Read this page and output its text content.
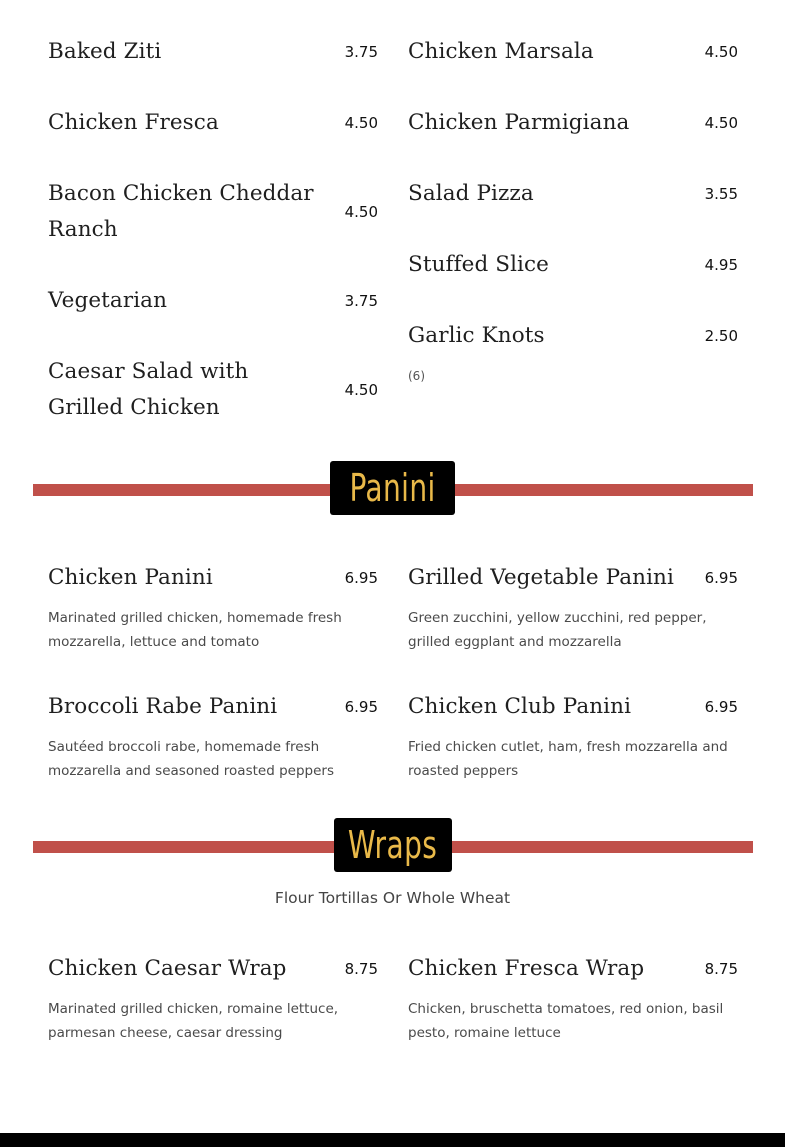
Baked Ziti	3.75
Chicken Fresca	4.50
Bacon Chicken Cheddar Ranch
4.50
Vegetarian	3.75
Caesar Salad with Grilled Chicken
4.50
Chicken Marsala	4.50
Chicken Parmigiana	4.50
Salad Pizza	3.55
Stuffed Slice	4.95
Garlic Knots	2.50
(6)
Panini
Chicken Panini	6.95
Marinated grilled chicken, homemade fresh mozzarella, lettuce and tomato
Grilled Vegetable Panini	6.95
Green zucchini, yellow zucchini, red pepper, grilled eggplant and mozzarella
Broccoli Rabe Panini	6.95
Sautéed broccoli rabe, homemade fresh mozzarella and seasoned roasted peppers
Chicken Club Panini	6.95
Fried chicken cutlet, ham, fresh mozzarella and roasted peppers
Wraps
Flour Tortillas Or Whole Wheat
Chicken Caesar Wrap	8.75
Marinated grilled chicken, romaine lettuce, parmesan cheese, caesar dressing
Chicken Fresca Wrap	8.75
Chicken, bruschetta tomatoes, red onion, basil pesto, romaine lettuce
